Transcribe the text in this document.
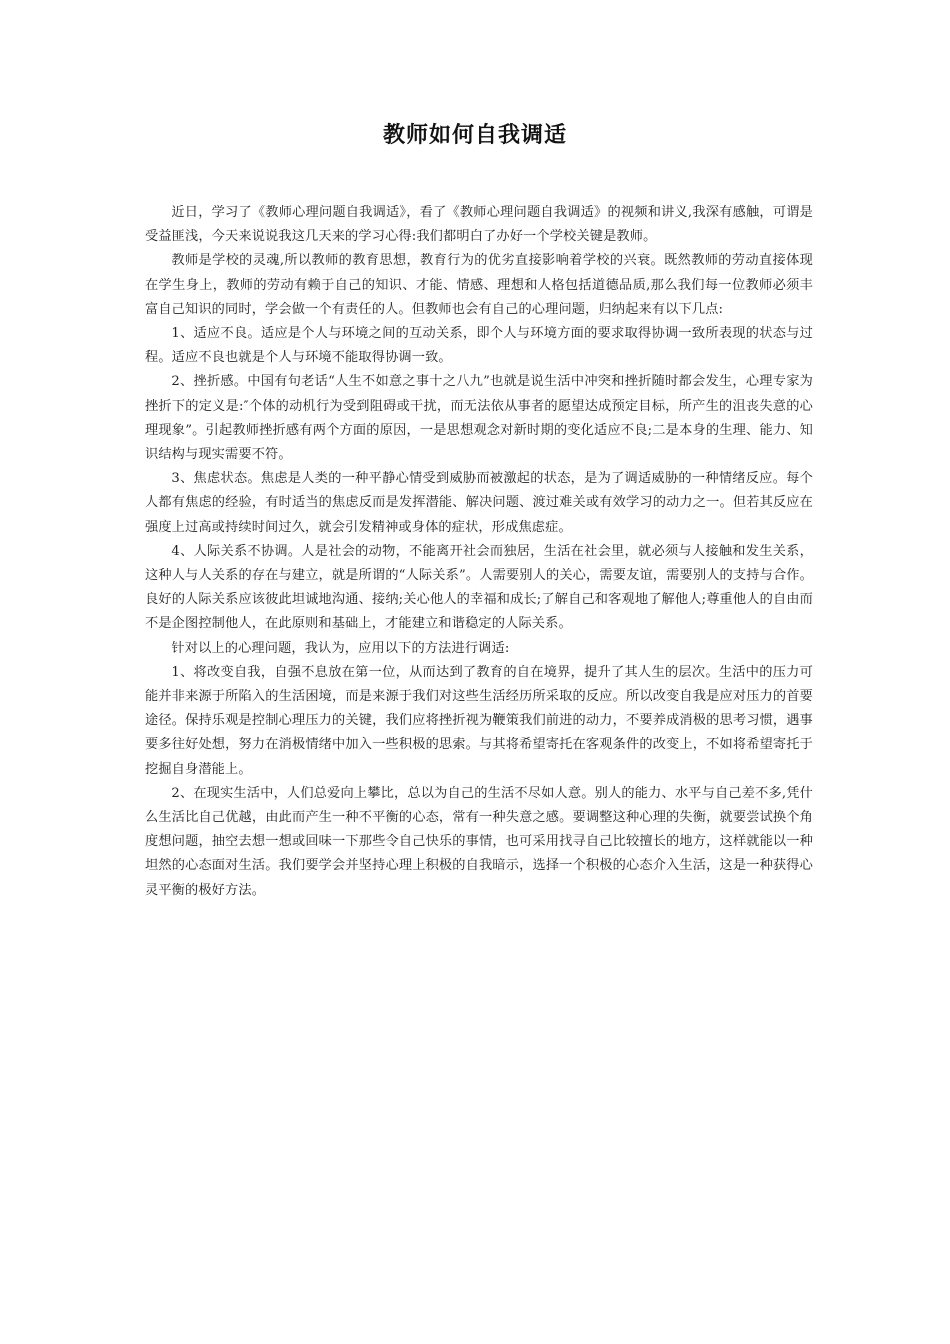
教师如何自我调适

近日，学习了《教师心理问题自我调适》，看了《教师心理问题自我调适》的视频和讲义,我深有感触，可谓是受益匪浅，今天来说说我这几天来的学习心得:我们都明白了办好一个学校关键是教师。

教师是学校的灵魂,所以教师的教育思想，教育行为的优劣直接影响着学校的兴衰。既然教师的劳动直接体现在学生身上，教师的劳动有赖于自己的知识、才能、情感、理想和人格包括道德品质,那么我们每一位教师必须丰富自己知识的同时，学会做一个有责任的人。但教师也会有自己的心理问题，归纳起来有以下几点:

1、适应不良。适应是个人与环境之间的互动关系，即个人与环境方面的要求取得协调一致所表现的状态与过程。适应不良也就是个人与环境不能取得协调一致。

2、挫折感。中国有句老话“人生不如意之事十之八九”也就是说生活中冲突和挫折随时都会发生，心理专家为挫折下的定义是:″个体的动机行为受到阻碍或干扰，而无法依从事者的愿望达成预定目标，所产生的沮丧失意的心理现象”。引起教师挫折感有两个方面的原因，一是思想观念对新时期的变化适应不良;二是本身的生理、能力、知识结构与现实需要不符。

3、焦虑状态。焦虑是人类的一种平静心情受到威胁而被激起的状态，是为了调适威胁的一种情绪反应。每个人都有焦虑的经验，有时适当的焦虑反而是发挥潜能、解决问题、渡过难关或有效学习的动力之一。但若其反应在强度上过高或持续时间过久，就会引发精神或身体的症状，形成焦虑症。

4、人际关系不协调。人是社会的动物，不能离开社会而独居，生活在社会里，就必须与人接触和发生关系，这种人与人关系的存在与建立，就是所谓的“人际关系”。人需要别人的关心，需要友谊，需要别人的支持与合作。良好的人际关系应该彼此坦诚地沟通、接纳;关心他人的幸福和成长;了解自己和客观地了解他人;尊重他人的自由而不是企图控制他人，在此原则和基础上，才能建立和谐稳定的人际关系。

针对以上的心理问题，我认为，应用以下的方法进行调适:

1、将改变自我，自强不息放在第一位，从而达到了教育的自在境界，提升了其人生的层次。生活中的压力可能并非来源于所陷入的生活困境，而是来源于我们对这些生活经历所采取的反应。所以改变自我是应对压力的首要途径。保持乐观是控制心理压力的关键，我们应将挫折视为鞭策我们前进的动力，不要养成消极的思考习惯，遇事要多往好处想，努力在消极情绪中加入一些积极的思索。与其将希望寄托在客观条件的改变上，不如将希望寄托于挖掘自身潜能上。

2、在现实生活中，人们总爱向上攀比，总以为自己的生活不尽如人意。别人的能力、水平与自己差不多,凭什么生活比自己优越，由此而产生一种不平衡的心态，常有一种失意之感。要调整这种心理的失衡，就要尝试换个角度想问题，抽空去想一想或回味一下那些令自己快乐的事情，也可采用找寻自己比较擅长的地方，这样就能以一种坦然的心态面对生活。我们要学会并坚持心理上积极的自我暗示，选择一个积极的心态介入生活，这是一种获得心灵平衡的极好方法。
